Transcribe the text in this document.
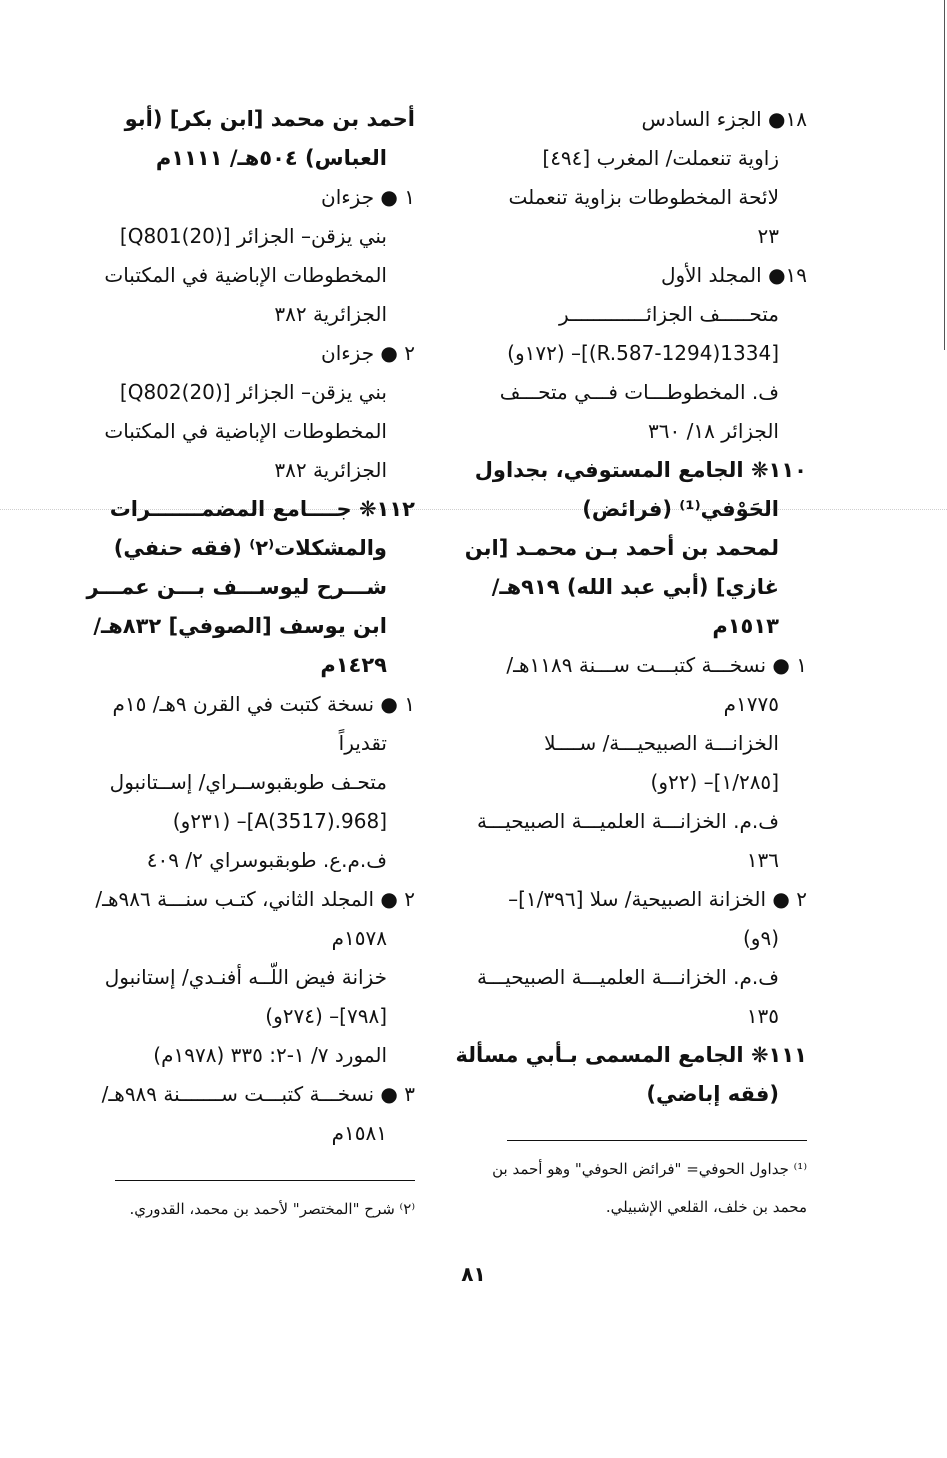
١٨● الجزء السادس
زاوية تنعملت/ المغرب [٤٩٤]
لائحة المخطوطات بزاوية تنعملت
٢٣
١٩● المجلد الأول
متحـــــف الجزائـــــــــــــر
[1334(1294-R.587)]– (١٧٢و)
ف. المخطوطـــات فـــي متحـــف
الجزائر ١٨/ ٣٦٠
١١٠❋ الجامع المستوفي، بجداول
الحَوْفي⁽¹⁾ (فرائض)
لمحمد بن أحمد بـن محمـد [ابن
غازي] (أبي عبد الله) ٩١٩هـ/
١٥١٣م
١ ● نسخـــة كتبـــت ســـنة ١١٨٩هـ/
١٧٧٥م
الخزانـــة الصبيحيـــة/ ســــلا
[١/٢٨٥]– (٢٢و)
ف.م. الخزانـــة العلميـــة الصبيحيـــة
١٣٦
٢ ● الخزانة الصبيحية/ سلا [١/٣٩٦]–
(٩و)
ف.م. الخزانـــة العلميـــة الصبيحيـــة
١٣٥
١١١❋ الجامع المسمى بـأبي مسألة
(فقه إباضي)
أحمد بن محمد [ابن بكر] (أبو
العباس) ٥٠٤هـ/ ١١١١م
١ ● جزءان
بني يزقن– الجزائر [Q801(20)]
المخطوطات الإباضية في المكتبات
الجزائرية ٣٨٢
٢ ● جزءان
بني يزقن– الجزائر [Q802(20)]
المخطوطات الإباضية في المكتبات
الجزائرية ٣٨٢
١١٢❋ جــــامع المضمـــــــرات
والمشكلات⁽٢⁾ (فقه حنفي)
شـــرح ليوســـف بـــن عمـــر
ابن يوسف [الصوفي] ٨٣٢هـ/
١٤٢٩م
١ ● نسخة كتبت في القرن ٩هـ/ ١٥م
تقديراً
متحـف طوبقبوســراي/ إســتانبول
[968.A(3517)]– (٢٣١و)
ف.م.ع. طوبقبوسراي ٢/ ٤٠٩
٢ ● المجلد الثاني، كتـب سنـــة ٩٨٦هـ/
١٥٧٨م
خزانة فيض اللّــه أفنـدي/ إستانبول
[٧٩٨]– (٢٧٤و)
المورد ٧/ ١-٢: ٣٣٥ (١٩٧٨م)
٣ ● نسخـــة كتبـــت ســـــــنة ٩٨٩هـ/
١٥٨١م
⁽¹⁾ جداول الحوفي= "فرائض الحوفي" وهو أحمد بن محمد بن خلف، القلعي الإشبيلي.
⁽٢⁾ شرح "المختصر" لأحمد بن محمد، القدوري.
٨١
